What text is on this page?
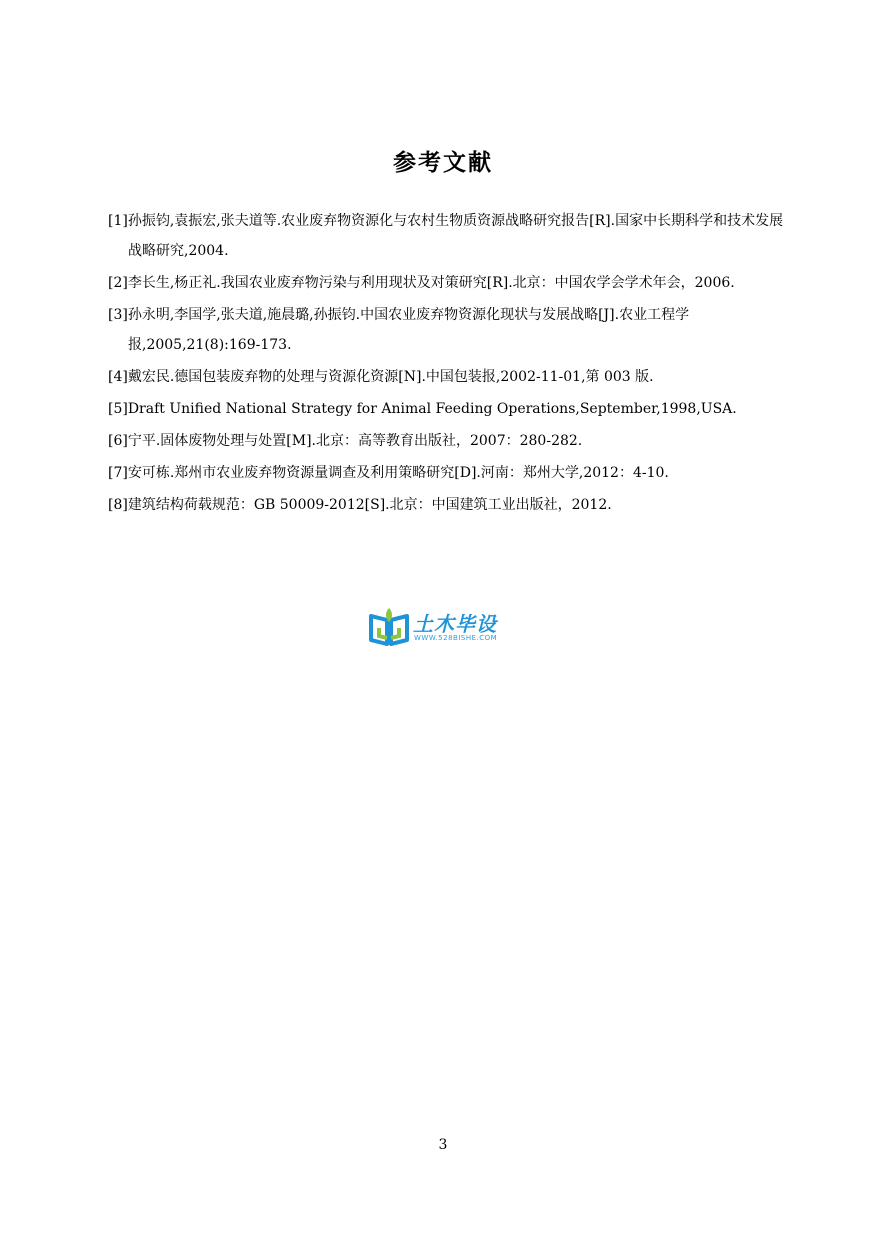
参考文献
[1]孙振钧,袁振宏,张夫道等.农业废弃物资源化与农村生物质资源战略研究报告[R].国家中长期科学和技术发展战略研究,2004.
[2]李长生,杨正礼.我国农业废弃物污染与利用现状及对策研究[R].北京：中国农学会学术年会，2006.
[3]孙永明,李国学,张夫道,施晨璐,孙振钧.中国农业废弃物资源化现状与发展战略[J].农业工程学报,2005,21(8):169-173.
[4]戴宏民.德国包装废弃物的处理与资源化资源[N].中国包装报,2002-11-01,第 003 版.
[5]Draft Unified National Strategy for Animal Feeding Operations,September,1998,USA.
[6]宁平.固体废物处理与处置[M].北京：高等教育出版社，2007：280-282.
[7]安可栋.郑州市农业废弃物资源量调查及利用策略研究[D].河南：郑州大学,2012：4-10.
[8]建筑结构荷载规范：GB 50009-2012[S].北京：中国建筑工业出版社，2012.
土木毕设
WWW.528BISHE.COM
3
